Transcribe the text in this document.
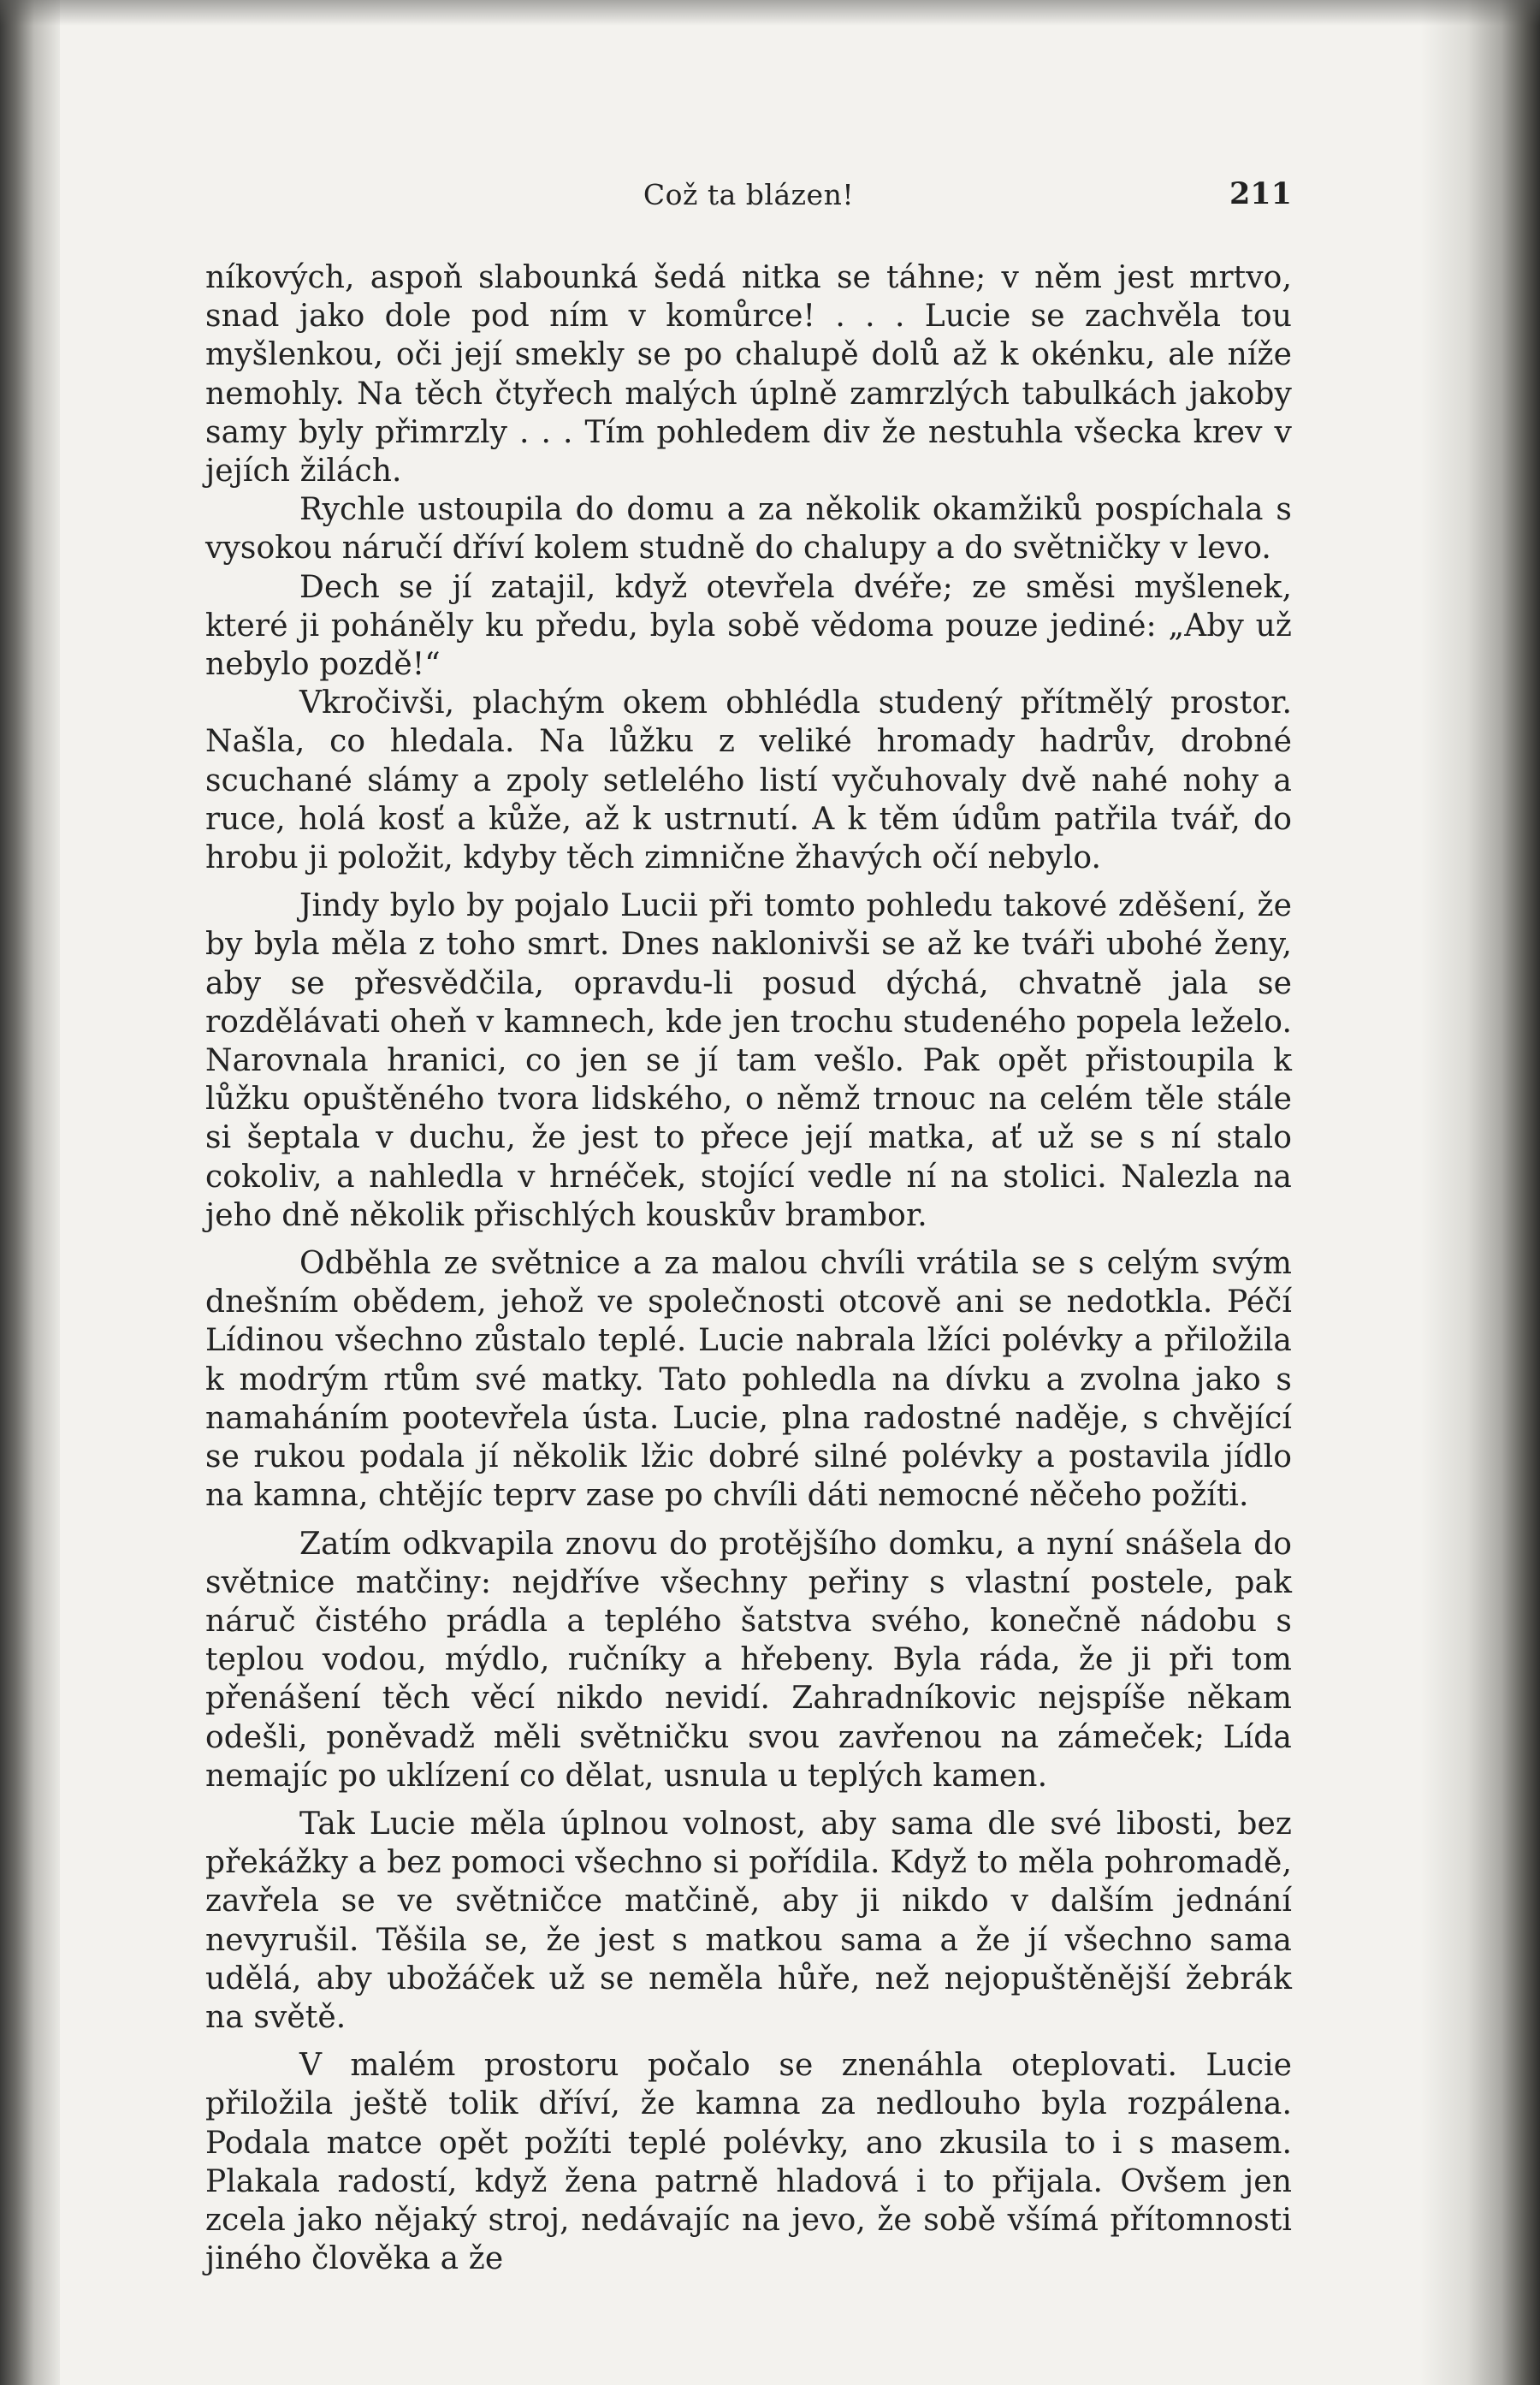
Což ta blázen!	211

níkových, aspoň slabounká šedá nitka se táhne; v něm jest mrtvo, snad jako dole pod ním v komůrce! . . . Lucie se zachvěla tou myšlenkou, oči její smekly se po chalupě dolů až k okénku, ale níže nemohly. Na těch čtyřech malých úplně zamrzlých tabulkách jakoby samy byly přimrzly . . . Tím pohledem div že nestuhla všecka krev v jejích žilách.

Rychle ustoupila do domu a za několik okamžiků pospíchala s vysokou náručí dříví kolem studně do chalupy a do světničky v levo.

Dech se jí zatajil, když otevřela dvéře; ze směsi myšlenek, které ji poháněly ku předu, byla sobě vědoma pouze jediné: „Aby už nebylo pozdě!“

Vkročivši, plachým okem obhlédla studený přítmělý prostor. Našla, co hledala. Na lůžku z veliké hromady hadrův, drobné scuchané slámy a zpoly setlelého listí vyčuhovaly dvě nahé nohy a ruce, holá kosť a kůže, až k ustrnutí. A k těm údům patřila tvář, do hrobu ji položit, kdyby těch zimnične žhavých očí nebylo.

Jindy bylo by pojalo Lucii při tomto pohledu takové zděšení, že by byla měla z toho smrt. Dnes naklonivši se až ke tváři ubohé ženy, aby se přesvědčila, opravdu-li posud dýchá, chvatně jala se rozdělávati oheň v kamnech, kde jen trochu studeného popela leželo. Narovnala hranici, co jen se jí tam vešlo. Pak opět přistoupila k lůžku opuštěného tvora lidského, o němž trnouc na celém těle stále si šeptala v duchu, že jest to přece její matka, ať už se s ní stalo cokoliv, a nahledla v hrnéček, stojící vedle ní na stolici. Nalezla na jeho dně několik přischlých kouskův brambor.

Odběhla ze světnice a za malou chvíli vrátila se s celým svým dnešním obědem, jehož ve společnosti otcově ani se nedotkla. Péčí Lídinou všechno zůstalo teplé. Lucie nabrala lžíci polévky a přiložila k modrým rtům své matky. Tato pohledla na dívku a zvolna jako s namaháním pootevřela ústa. Lucie, plna radostné naděje, s chvějící se rukou podala jí několik lžic dobré silné polévky a postavila jídlo na kamna, chtějíc teprv zase po chvíli dáti nemocné něčeho požíti.

Zatím odkvapila znovu do protějšího domku, a nyní snášela do světnice matčiny: nejdříve všechny peřiny s vlastní postele, pak náruč čistého prádla a teplého šatstva svého, konečně nádobu s teplou vodou, mýdlo, ručníky a hřebeny. Byla ráda, že ji při tom přenášení těch věcí nikdo nevidí. Zahradníkovic nejspíše někam odešli, poněvadž měli světničku svou zavřenou na zámeček; Lída nemajíc po uklízení co dělat, usnula u teplých kamen.

Tak Lucie měla úplnou volnost, aby sama dle své libosti, bez překážky a bez pomoci všechno si pořídila. Když to měla pohromadě, zavřela se ve světničce matčině, aby ji nikdo v dalším jednání nevyrušil. Těšila se, že jest s matkou sama a že jí všechno sama udělá, aby ubožáček už se neměla hůře, než nejopuštěnější žebrák na světě.

V malém prostoru počalo se znenáhla oteplovati. Lucie přiložila ještě tolik dříví, že kamna za nedlouho byla rozpálena. Podala matce opět požíti teplé polévky, ano zkusila to i s masem. Plakala radostí, když žena patrně hladová i to přijala. Ovšem jen zcela jako nějaký stroj, nedávajíc na jevo, že sobě všímá přítomnosti jiného člověka a že
